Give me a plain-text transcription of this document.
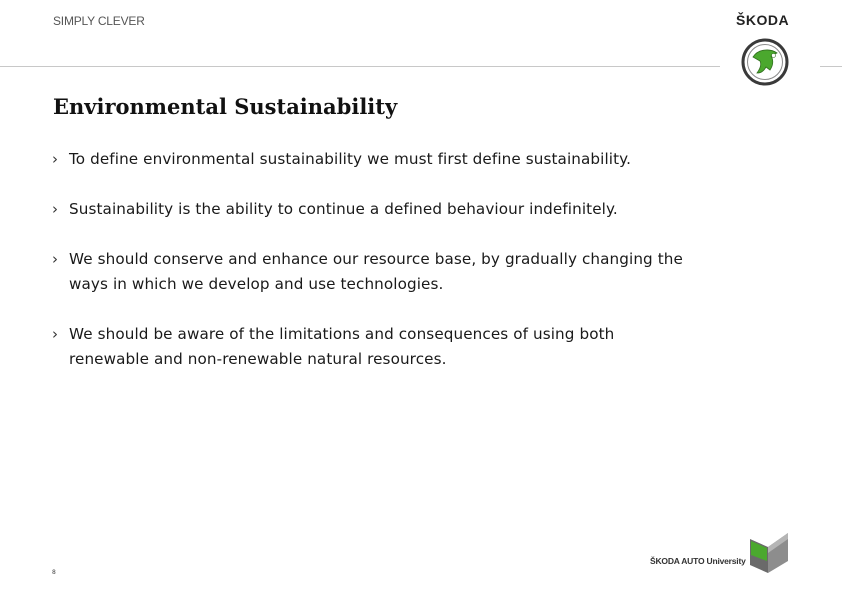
SIMPLY CLEVER	ŠKODA
Environmental Sustainability
› To define environmental sustainability we must first define sustainability.
› Sustainability is the ability to continue a defined behaviour indefinitely.
› We should conserve and enhance our resource base, by gradually changing the
ways in which we develop and use technologies.
› We should be aware of the limitations and consequences of using both
renewable and non-renewable natural resources.
8
ŠKODA AUTO University
